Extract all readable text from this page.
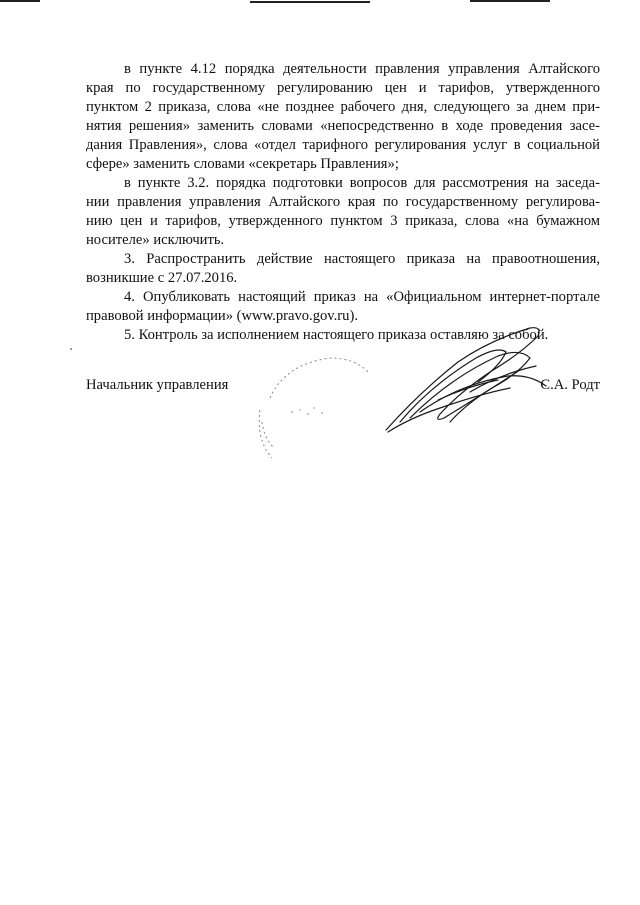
в пункте 4.12 порядка деятельности правления управления Алтайского
края по государственному регулированию цен и тарифов, утвержденного
пунктом 2 приказа, слова «не позднее рабочего дня, следующего за днем при-
нятия решения» заменить словами «непосредственно в ходе проведения засе-
дания Правления», слова «отдел тарифного регулирования услуг в социальной
сфере» заменить словами «секретарь Правления»;
в пункте 3.2. порядка подготовки вопросов для рассмотрения на заседа-
нии правления управления Алтайского края по государственному регулирова-
нию цен и тарифов, утвержденного пунктом 3 приказа, слова «на бумажном
носителе» исключить.
3. Распространить действие настоящего приказа на правоотношения,
возникшие с 27.07.2016.
4. Опубликовать настоящий приказ на «Официальном интернет-портале
правовой информации» (www.pravo.gov.ru).
5. Контроль за исполнением настоящего приказа оставляю за собой.
Начальник управления	С.А. Родт
